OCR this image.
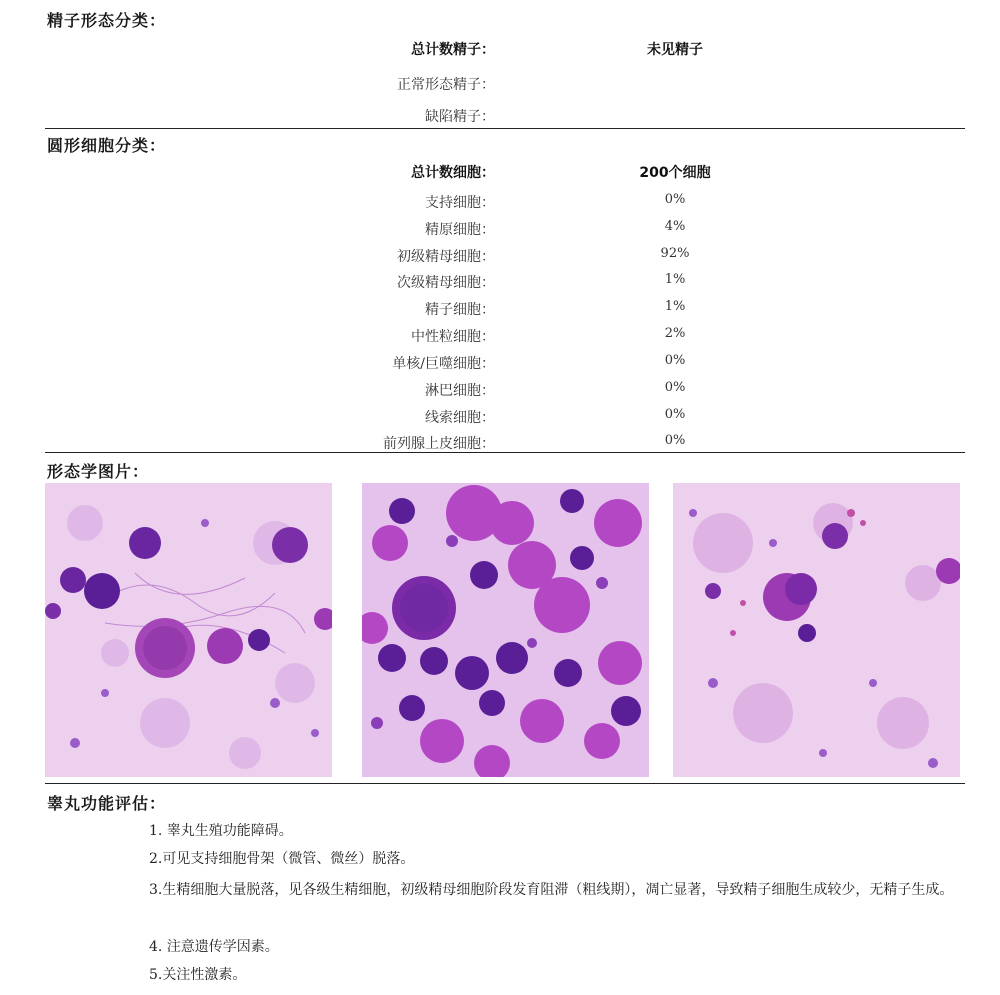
精子形态分类：
总计数精子：	未见精子
正常形态精子：
缺陷精子：
圆形细胞分类：
总计数细胞：	200个细胞
支持细胞：	0%
精原细胞：	4%
初级精母细胞：	92%
次级精母细胞：	1%
精子细胞：	1%
中性粒细胞：	2%
单核/巨噬细胞：	0%
淋巴细胞：	0%
线索细胞：	0%
前列腺上皮细胞：	0%
形态学图片：
睾丸功能评估：
1. 睾丸生殖功能障碍。
2.可见支持细胞骨架（微管、微丝）脱落。
3.生精细胞大量脱落，见各级生精细胞，初级精母细胞阶段发育阻滞（粗线期），凋亡显著，导致精子细胞生成较少，无精子生成。
4. 注意遗传学因素。
5.关注性激素。
